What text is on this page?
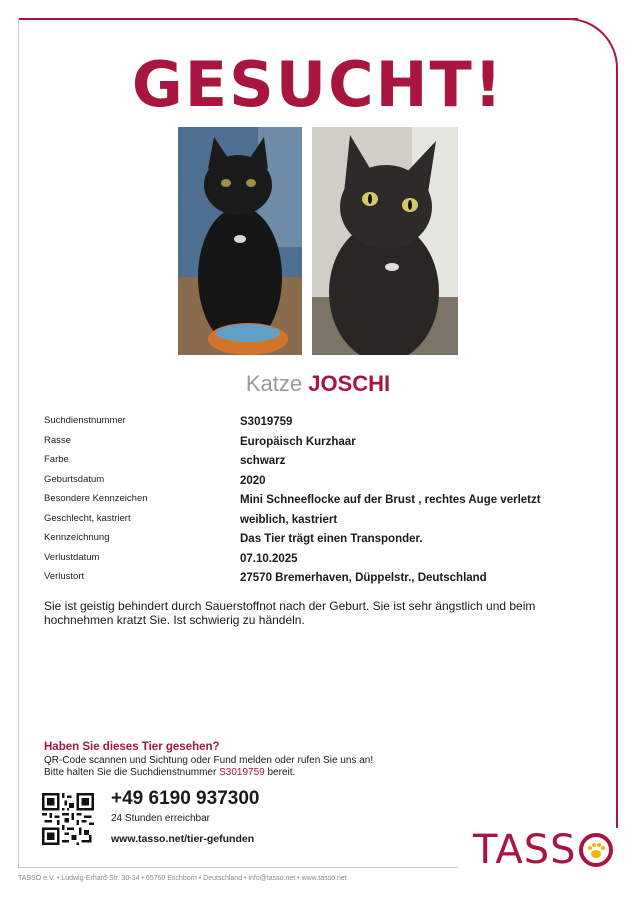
GESUCHT!
Katze JOSCHI
Suchdienstnummer	S3019759
Rasse	Europäisch Kurzhaar
Farbe	schwarz
Geburtsdatum	2020
Besondere Kennzeichen	Mini Schneeflocke auf der Brust , rechtes Auge verletzt
Geschlecht, kastriert	weiblich, kastriert
Kennzeichnung	Das Tier trägt einen Transponder.
Verlustdatum	07.10.2025
Verlustort	27570 Bremerhaven, Düppelstr., Deutschland
Sie ist geistig behindert durch Sauerstoffnot nach der Geburt. Sie ist sehr ängstlich und beim hochnehmen kratzt Sie. Ist schwierig zu händeln.
Haben Sie dieses Tier gesehen?
QR-Code scannen und Sichtung oder Fund melden oder rufen Sie uns an!
Bitte halten Sie die Suchdienstnummer S3019759 bereit.
+49 6190 937300
24 Stunden erreichbar
www.tasso.net/tier-gefunden	TASS
TASSO e.V. • Ludwig-Erhard-Str. 30-34 • 65760 Eschborn • Deutschland • info@tasso.net • www.tasso.net
